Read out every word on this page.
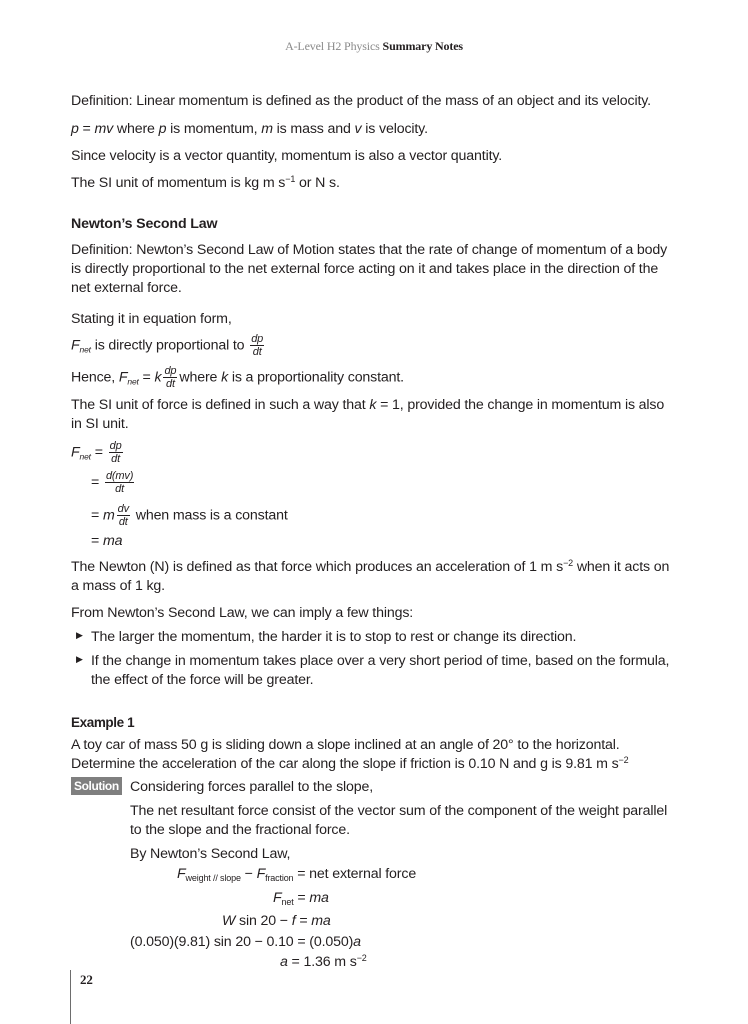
A-Level H2 Physics Summary Notes
Definition: Linear momentum is defined as the product of the mass of an object and its velocity.
p = mv where p is momentum, m is mass and v is velocity.
Since velocity is a vector quantity, momentum is also a vector quantity.
The SI unit of momentum is kg m $s^{-1}$ or N s.
Newton’s Second Law
Definition: Newton’s Second Law of Motion states that the rate of change of momentum of a body is directly proportional to the net external force acting on it and takes place in the direction of the net external force.
Stating it in equation form,
$F_{net}$ is directly proportional to $\frac{dp}{dt}$
Hence, $F_{net} = k \frac{dp}{dt}$ where k is a proportionality constant.
The SI unit of force is defined in such a way that k = 1, provided the change in momentum is also in SI unit.
$F_{net} = \frac{dp}{dt}$
= $\frac{d(mv)}{dt}$
= m $\frac{dv}{dt}$ when mass is a constant
= ma
The Newton (N) is defined as that force which produces an acceleration of 1 m $s^{-2}$ when it acts on a mass of 1 kg.
From Newton’s Second Law, we can imply a few things:
▶ The larger the momentum, the harder it is to stop to rest or change its direction.
▶ If the change in momentum takes place over a very short period of time, based on the formula, the effect of the force will be greater.
Example 1
A toy car of mass 50 g is sliding down a slope inclined at an angle of 20° to the horizontal.
Determine the acceleration of the car along the slope if friction is 0.10 N and g is 9.81 m $s^{-2}$
Solution Considering forces parallel to the slope,
The net resultant force consist of the vector sum of the component of the weight parallel to the slope and the fractional force.
By Newton’s Second Law,
$F_{weight // slope} - F_{fraction}$ = net external force
$F_{net}$ = ma
W sin 20 − f = ma
(0.050)(9.81) sin 20 − 0.10 = (0.050)a
a = 1.36 m $s^{-2}$
22
